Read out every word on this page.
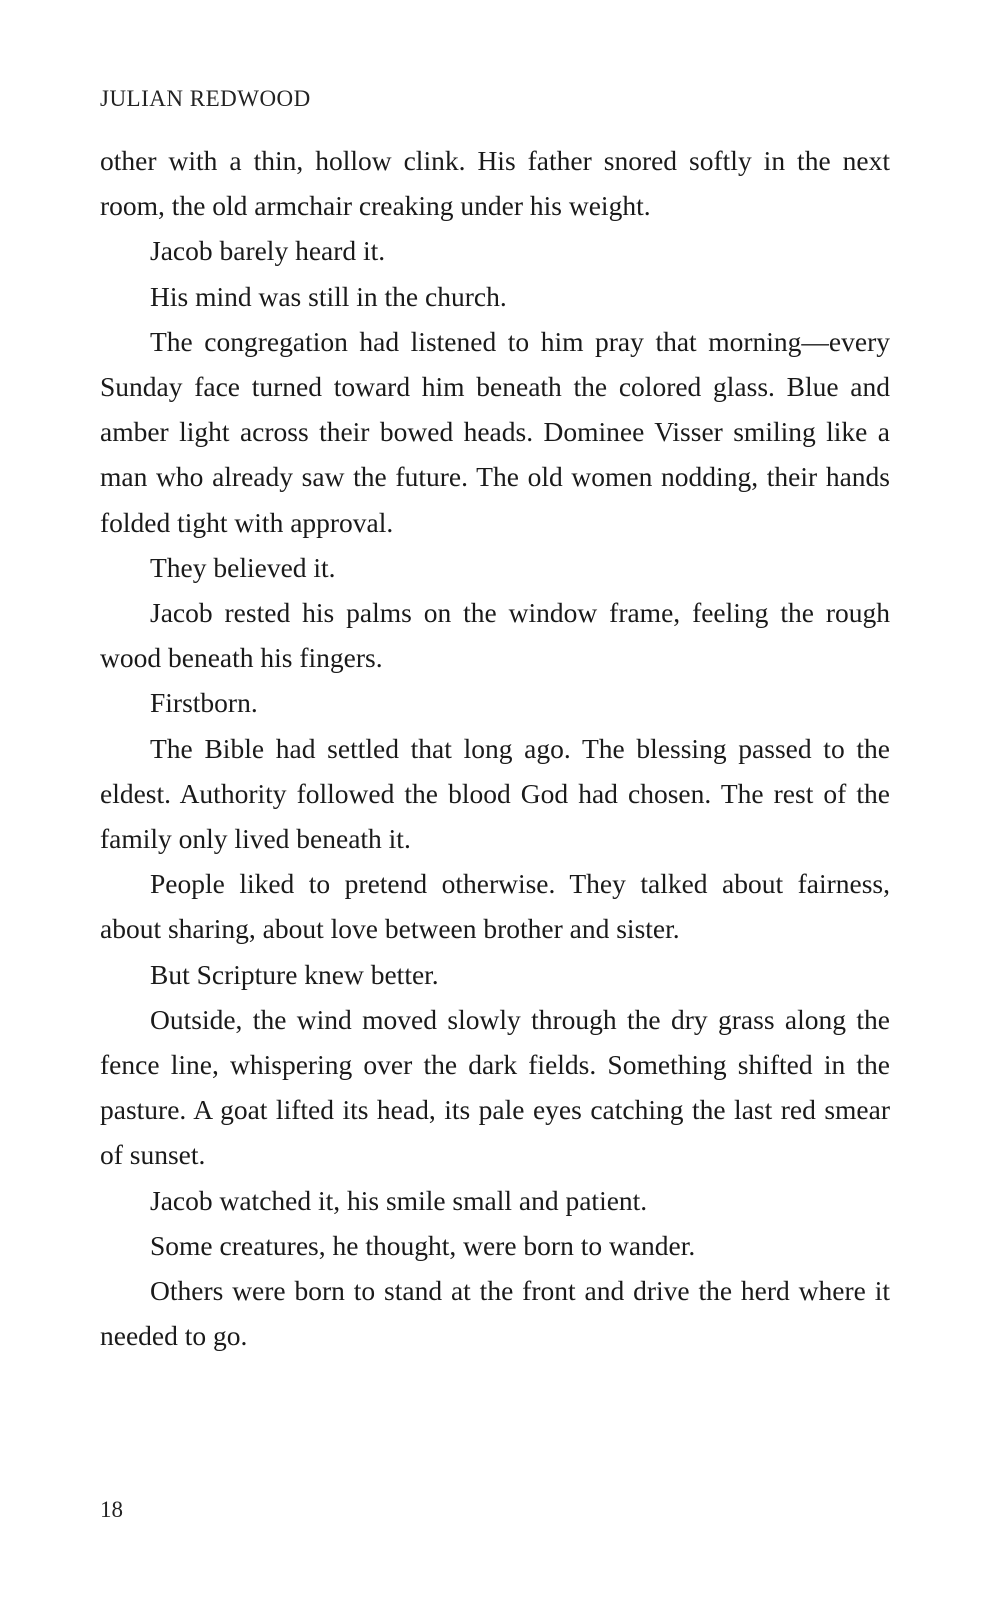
JULIAN REDWOOD

other with a thin, hollow clink. His father snored softly in the next room, the old armchair creaking under his weight.

Jacob barely heard it.

His mind was still in the church.

The congregation had listened to him pray that morning—every Sunday face turned toward him beneath the colored glass. Blue and amber light across their bowed heads. Dominee Visser smiling like a man who already saw the future. The old women nodding, their hands folded tight with approval.

They believed it.

Jacob rested his palms on the window frame, feeling the rough wood beneath his fingers.

Firstborn.

The Bible had settled that long ago. The blessing passed to the eldest. Authority followed the blood God had chosen. The rest of the family only lived beneath it.

People liked to pretend otherwise. They talked about fairness, about sharing, about love between brother and sister.

But Scripture knew better.

Outside, the wind moved slowly through the dry grass along the fence line, whispering over the dark fields. Something shifted in the pasture. A goat lifted its head, its pale eyes catching the last red smear of sunset.

Jacob watched it, his smile small and patient.

Some creatures, he thought, were born to wander.

Others were born to stand at the front and drive the herd where it needed to go.

18
